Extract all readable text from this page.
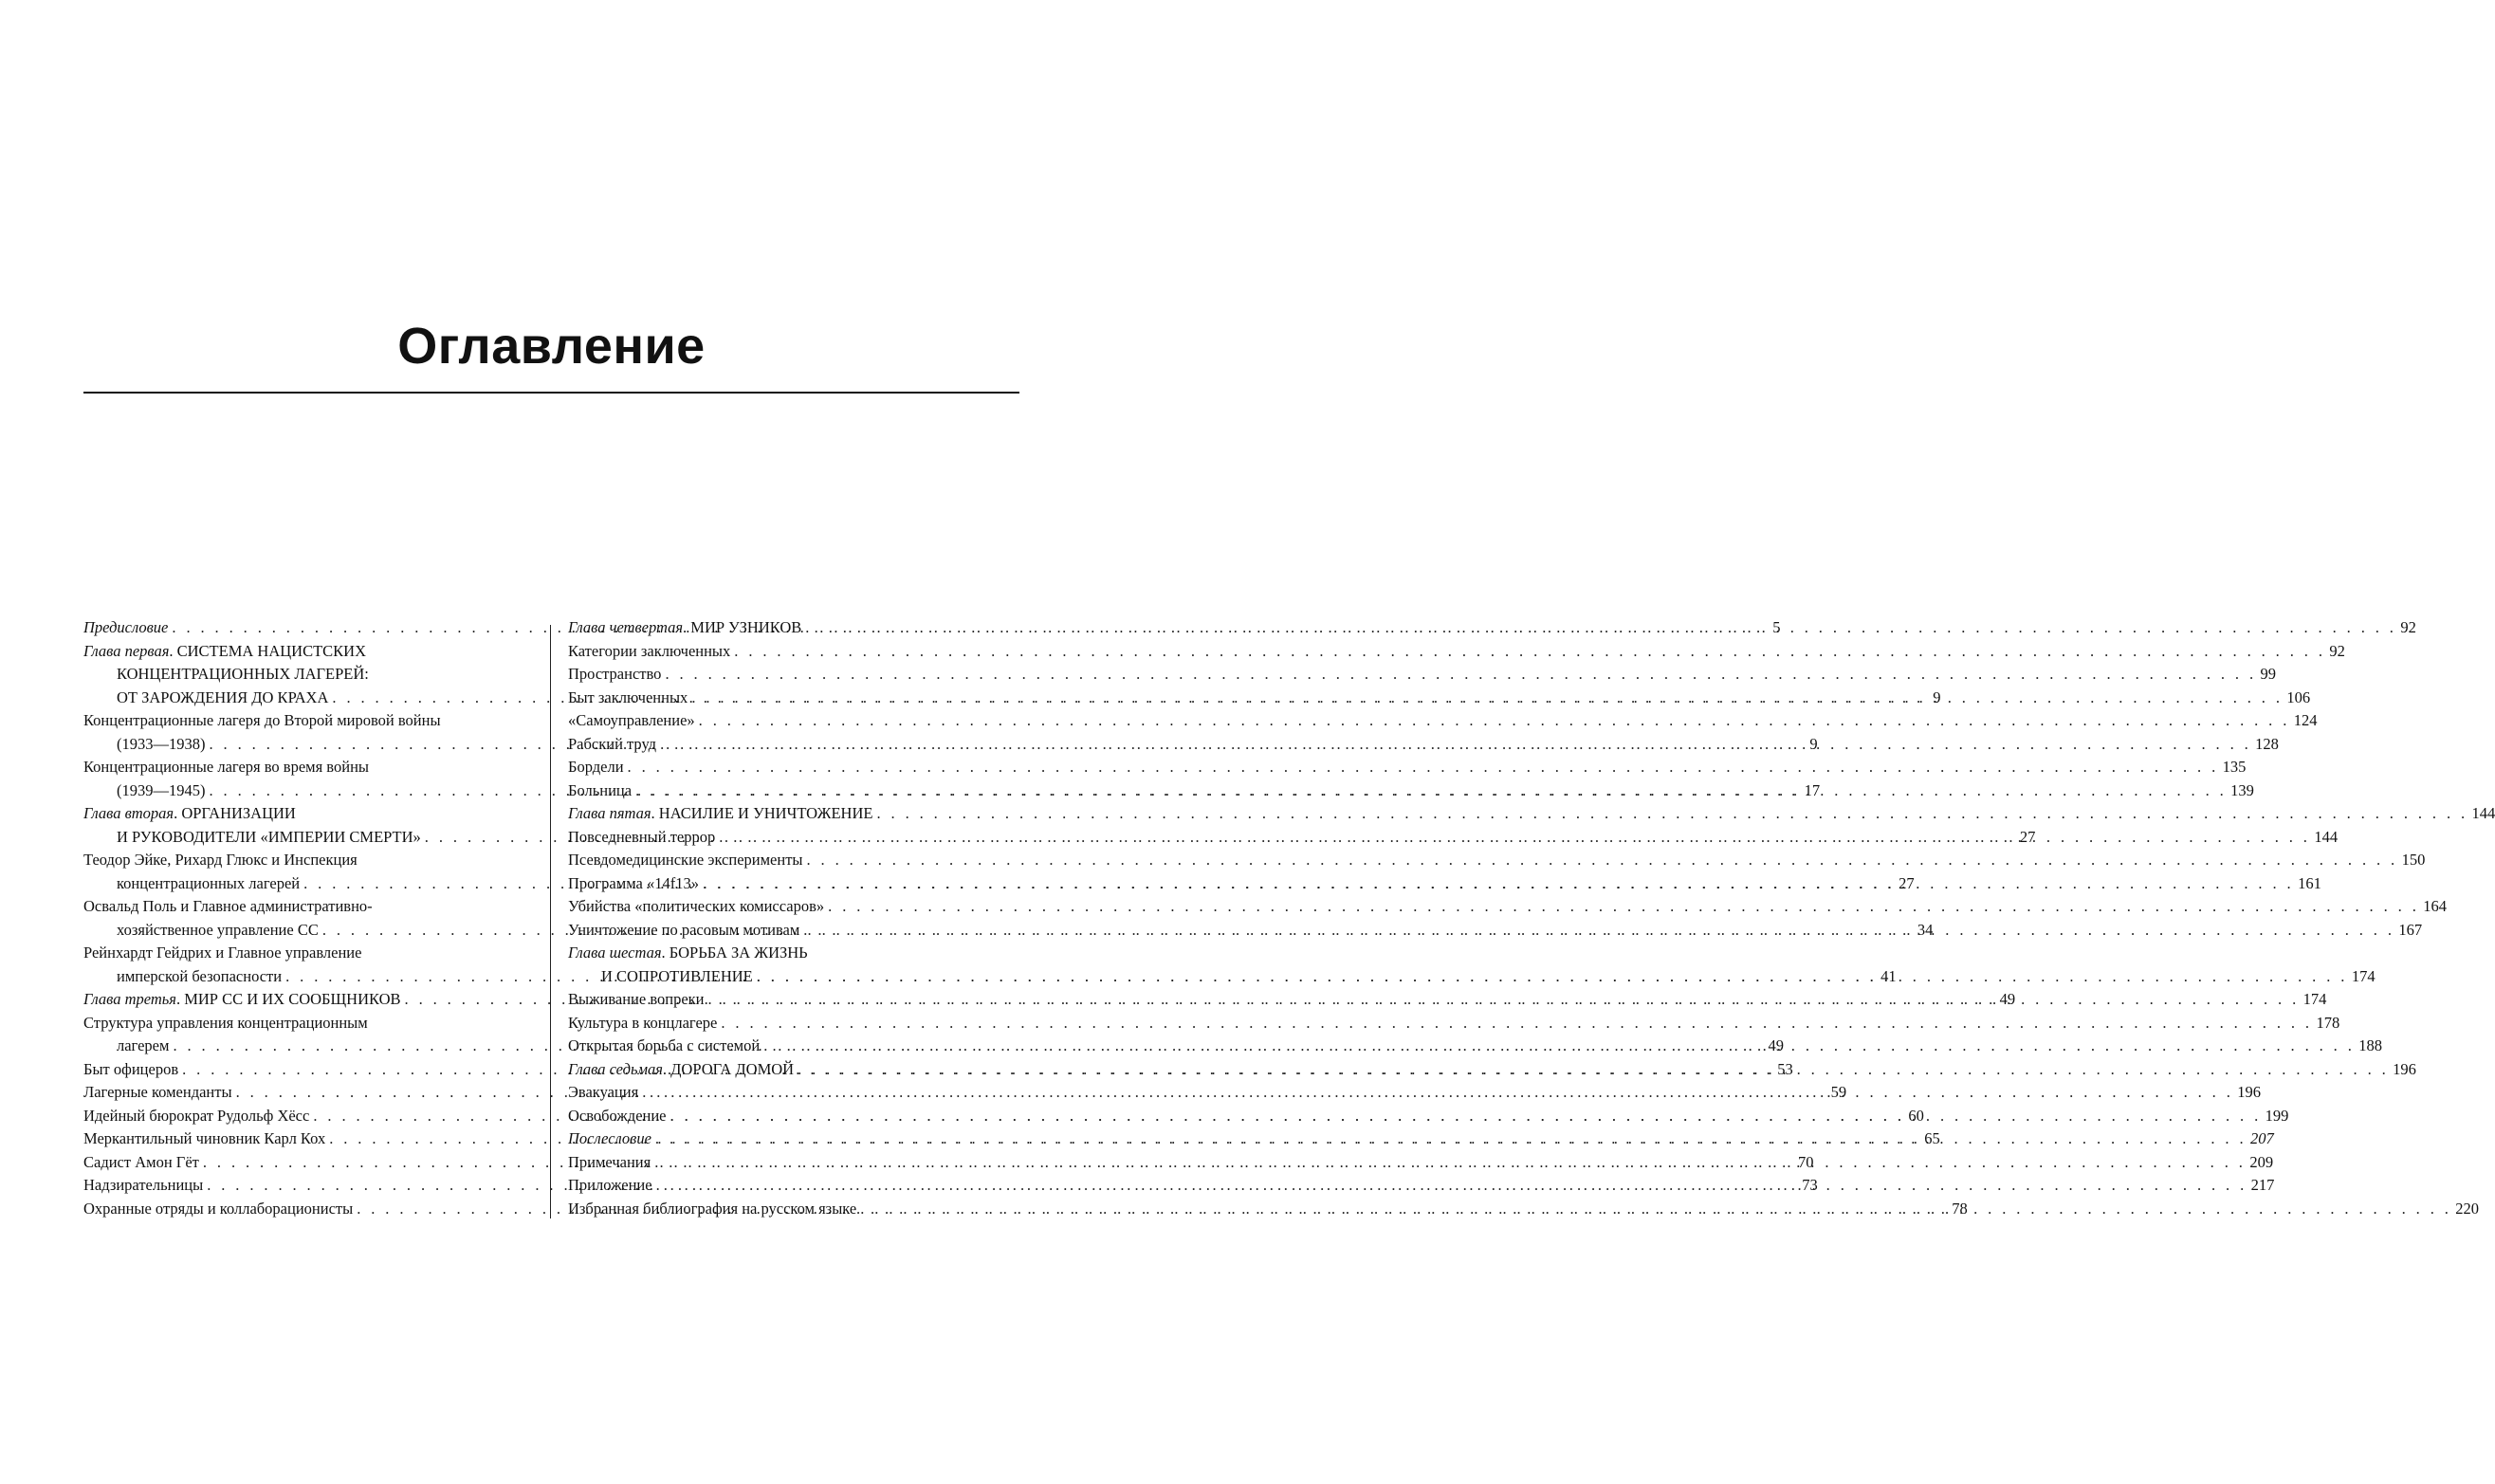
Оглавление
Предисловие . . .	5
Глава первая. СИСТЕМА НАЦИСТСКИХ
КОНЦЕНТРАЦИОННЫХ ЛАГЕРЕЙ:
ОТ ЗАРОЖДЕНИЯ ДО КРАХА . . .	9
Концентрационные лагеря до Второй мировой войны
(1933—1938) . . .	9
Концентрационные лагеря во время войны
(1939—1945) . . .	17
Глава вторая. ОРГАНИЗАЦИИ
И РУКОВОДИТЕЛИ «ИМПЕРИИ СМЕРТИ» . . .	27
Теодор Эйке, Рихард Глюкс и Инспекция
концентрационных лагерей . . .	27
Освальд Поль и Главное административно-
хозяйственное управление СС . . .	34
Рейнхардт Гейдрих и Главное управление
имперской безопасности . . .	41
Глава третья. МИР СС И ИХ СООБЩНИКОВ . . .	49
Структура управления концентрационным
лагерем . . .	49
Быт офицеров . . .	53
Лагерные коменданты . . .	59
Идейный бюрократ Рудольф Хёсс . . .	60
Меркантильный чиновник Карл Кох . . .	65
Садист Амон Гёт . . .	70
Надзирательницы . . .	73
Охранные отряды и коллаборационисты . . .	78
Глава четвертая. МИР УЗНИКОВ . . .	92
Категории заключенных . . .	92
Пространство . . .	99
Быт заключенных . . .	106
«Самоуправление» . . .	124
Рабский труд . . .	128
Бордели . . .	135
Больница . . .	139
Глава пятая. НАСИЛИЕ И УНИЧТОЖЕНИЕ . . .	144
Повседневный террор . . .	144
Псевдомедицинские эксперименты . . .	150
Программа «14f13» . . .	161
Убийства «политических комиссаров» . . .	164
Уничтожение по расовым мотивам . . .	167
Глава шестая. БОРЬБА ЗА ЖИЗНЬ
И СОПРОТИВЛЕНИЕ . . .	174
Выживание вопреки . . .	174
Культура в концлагере . . .	178
Открытая борьба с системой . . .	188
Глава седьмая. ДОРОГА ДОМОЙ . . .	196
Эвакуация . . .	196
Освобождение . . .	199
Послесловие . . .	207
Примечания . . .	209
Приложение . . .	217
Избранная библиография на русском языке . . .	220
